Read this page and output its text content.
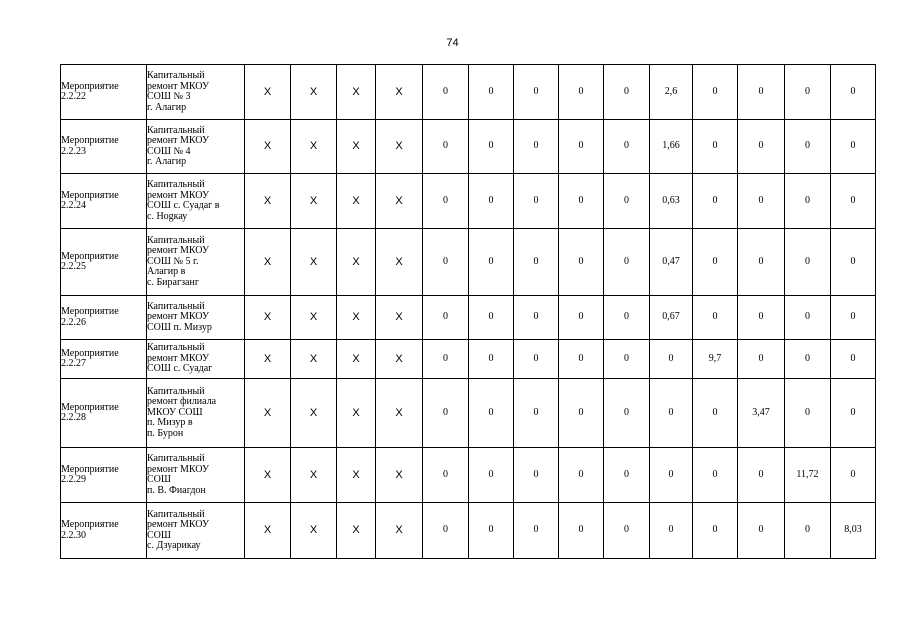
74
Мероприятие
2.2.22	Капитальный
ремонт МКОУ
СОШ № 3
г. Алагир	Х	Х	Х	Х	0	0	0	0	0	2,6	0	0	0	0

Мероприятие
2.2.23	Капитальный
ремонт МКОУ
СОШ № 4
г. Алагир	Х	Х	Х	Х	0	0	0	0	0	1,66	0	0	0	0

Мероприятие
2.2.24	Капитальный
ремонт МКОУ
СОШ с. Суадаг в
с. Нogкау	Х	Х	Х	Х	0	0	0	0	0	0,63	0	0	0	0

Мероприятие
2.2.25	Капитальный
ремонт МКОУ
СОШ № 5 г.
Алагир в
с. Бирагзанг	Х	Х	Х	Х	0	0	0	0	0	0,47	0	0	0	0

Мероприятие
2.2.26	Капитальный
ремонт МКОУ
СОШ п. Мизур	Х	Х	Х	Х	0	0	0	0	0	0,67	0	0	0	0

Мероприятие
2.2.27	Капитальный
ремонт МКОУ
СОШ с. Суадаг	Х	Х	Х	Х	0	0	0	0	0	0	9,7	0	0	0

Мероприятие
2.2.28	Капитальный
ремонт филиала
МКОУ СОШ
п. Мизур в
п. Бурон	Х	Х	Х	Х	0	0	0	0	0	0	0	3,47	0	0

Мероприятие
2.2.29	Капитальный
ремонт МКОУ
СОШ
п. В. Фиагдон	Х	Х	Х	Х	0	0	0	0	0	0	0	0	11,72	0

Мероприятие
2.2.30	Капитальный
ремонт МКОУ
СОШ
с. Дзуарикау	Х	Х	Х	Х	0	0	0	0	0	0	0	0	0	8,03
